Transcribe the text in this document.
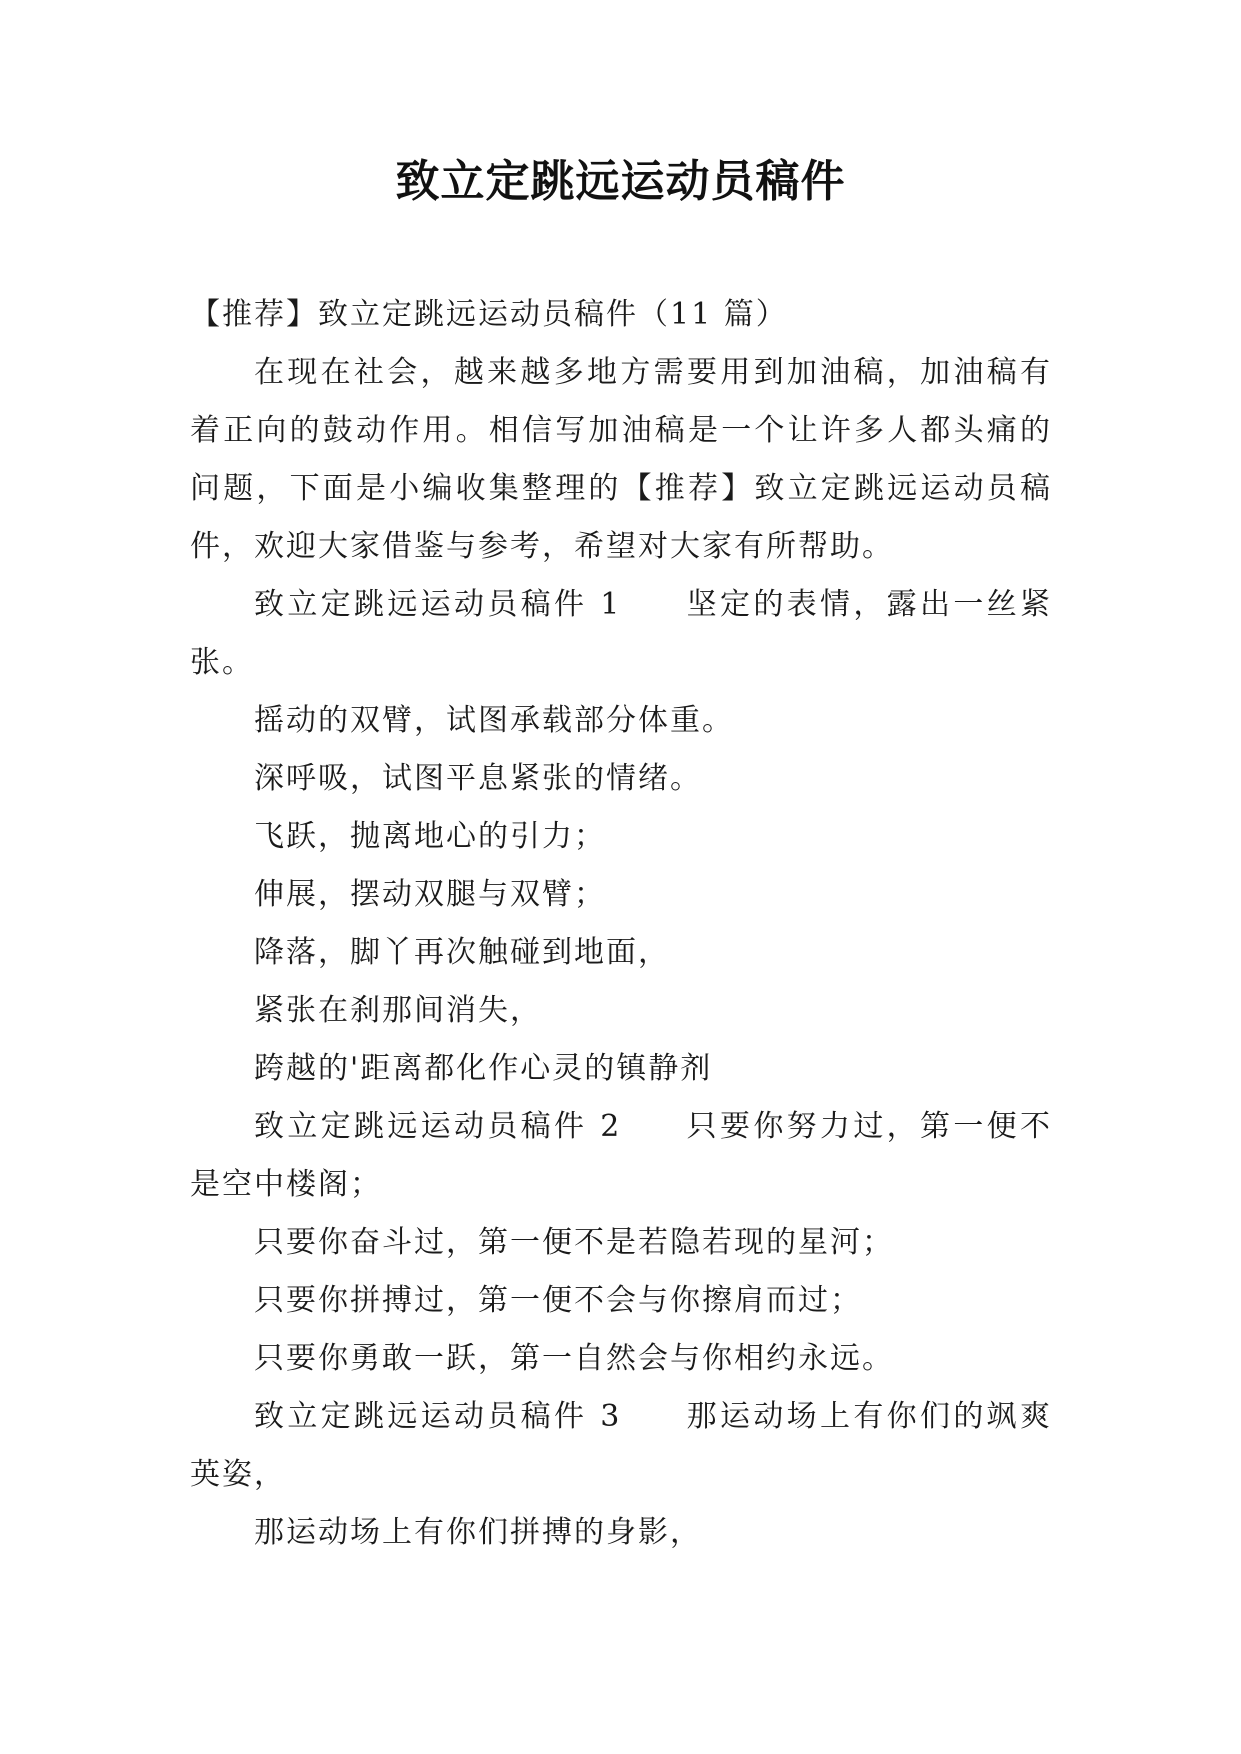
致立定跳远运动员稿件

【推荐】致立定跳远运动员稿件（11 篇）

在现在社会，越来越多地方需要用到加油稿，加油稿有着正向的鼓动作用。相信写加油稿是一个让许多人都头痛的问题，下面是小编收集整理的【推荐】致立定跳远运动员稿件，欢迎大家借鉴与参考，希望对大家有所帮助。

致立定跳远运动员稿件 1 坚定的表情，露出一丝紧张。

摇动的双臂，试图承载部分体重。

深呼吸，试图平息紧张的情绪。

飞跃，抛离地心的引力；

伸展，摆动双腿与双臂；

降落，脚丫再次触碰到地面，

紧张在刹那间消失，

跨越的'距离都化作心灵的镇静剂

致立定跳远运动员稿件 2 只要你努力过，第一便不是空中楼阁；

只要你奋斗过，第一便不是若隐若现的星河；

只要你拼搏过，第一便不会与你擦肩而过；

只要你勇敢一跃，第一自然会与你相约永远。

致立定跳远运动员稿件 3 那运动场上有你们的飒爽英姿，

那运动场上有你们拼搏的身影，
